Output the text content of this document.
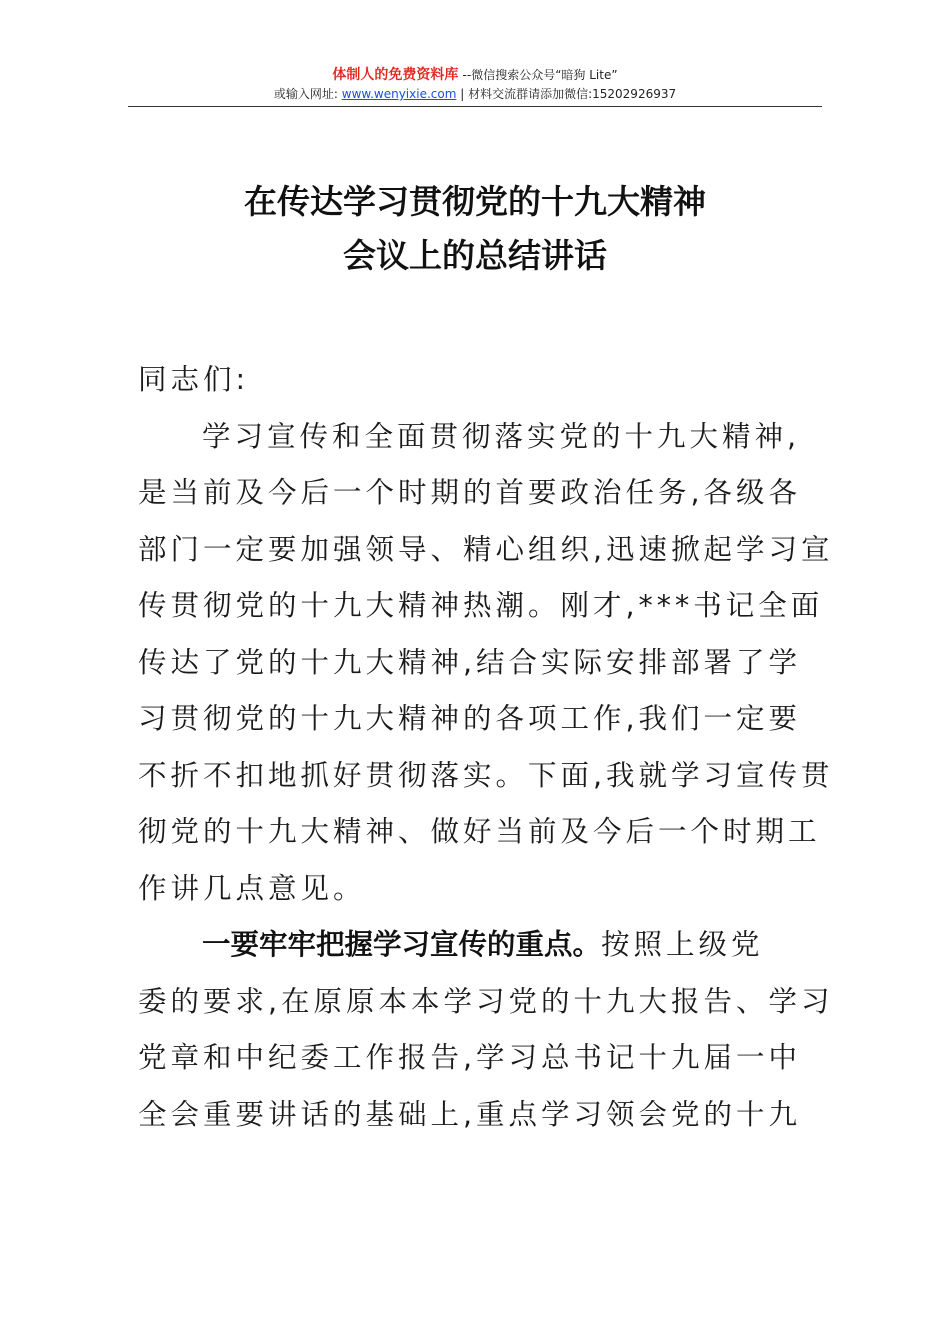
体制人的免费资料库 --微信搜索公众号“暗狗 Lite”
或输入网址: www.wenyixie.com | 材料交流群请添加微信:15202926937
在传达学习贯彻党的十九大精神
会议上的总结讲话
同志们:
学习宣传和全面贯彻落实党的十九大精神,
是当前及今后一个时期的首要政治任务,各级各
部门一定要加强领导、精心组织,迅速掀起学习宣
传贯彻党的十九大精神热潮。刚才,***书记全面
传达了党的十九大精神,结合实际安排部署了学
习贯彻党的十九大精神的各项工作,我们一定要
不折不扣地抓好贯彻落实。下面,我就学习宣传贯
彻党的十九大精神、做好当前及今后一个时期工
作讲几点意见。
一要牢牢把握学习宣传的重点。按照上级党
委的要求,在原原本本学习党的十九大报告、学习
党章和中纪委工作报告,学习总书记十九届一中
全会重要讲话的基础上,重点学习领会党的十九
